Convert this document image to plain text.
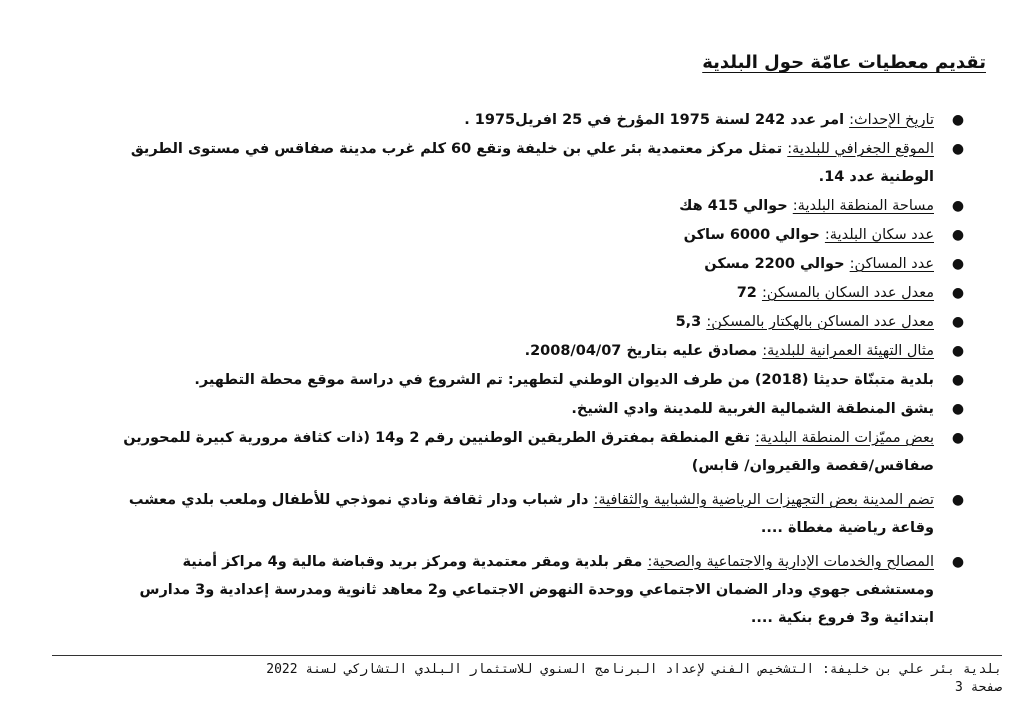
تقديم معطيات عامّة حول البلدية
●
تاريخ الإحداث: امر عدد 242 لسنة 1975 المؤرخ في 25 افريل1975 .
●
الموقع الجغرافي للبلدية: تمثل مركز معتمدية بئر علي بن خليفة وتقع 60 كلم غرب مدينة صفاقس في مستوى الطريق الوطنية عدد 14.
●
مساحة المنطقة البلدية: حوالي 415 هك
●
عدد سكان البلدية: حوالي 6000 ساكن
●
عدد المساكن: حوالي 2200 مسكن
●
معدل عدد السكان بالمسكن: 72
●
معدل عدد المساكن بالهكتار بالمسكن: 5,3
●
مثال التهيئة العمرانية للبلدية: مصادق عليه بتاريخ 2008/04/07.
●
بلدية متبنّاة حديثا (2018) من طرف الديوان الوطني لتطهير: تم الشروع في دراسة موقع محطة التطهير.
●
يشق المنطقة الشمالية الغربية للمدينة وادي الشيخ.
●
بعض مميّزات المنطقة البلدية: تقع المنطقة بمفترق الطريقين الوطنيين رقم 2 و14 (ذات كثافة مرورية كبيرة للمحورين صفاقس/قفصة والقيروان/ قابس)
●
تضم المدينة بعض التجهيزات الرياضية والشبابية والثقافية: دار شباب ودار ثقافة ونادي نموذجي للأطفال وملعب بلدي معشب وقاعة رياضية مغطاة ....
●
المصالح والخدمات الإدارية والاجتماعية والصحية: مقر بلدية ومقر معتمدية ومركز بريد وقباضة مالية و4 مراكز أمنية ومستشفى جهوي ودار الضمان الاجتماعي ووحدة النهوض الاجتماعي و2 معاهد ثانوية ومدرسة إعدادية و3 مدارس ابتدائية و3 فروع بنكية ....
بلدية بئر علي بن خليفة: التشخيص الفني لإعداد البرنامج السنوي للاستثمار البلدي التشاركي لسنة 2022
صفحة 3
